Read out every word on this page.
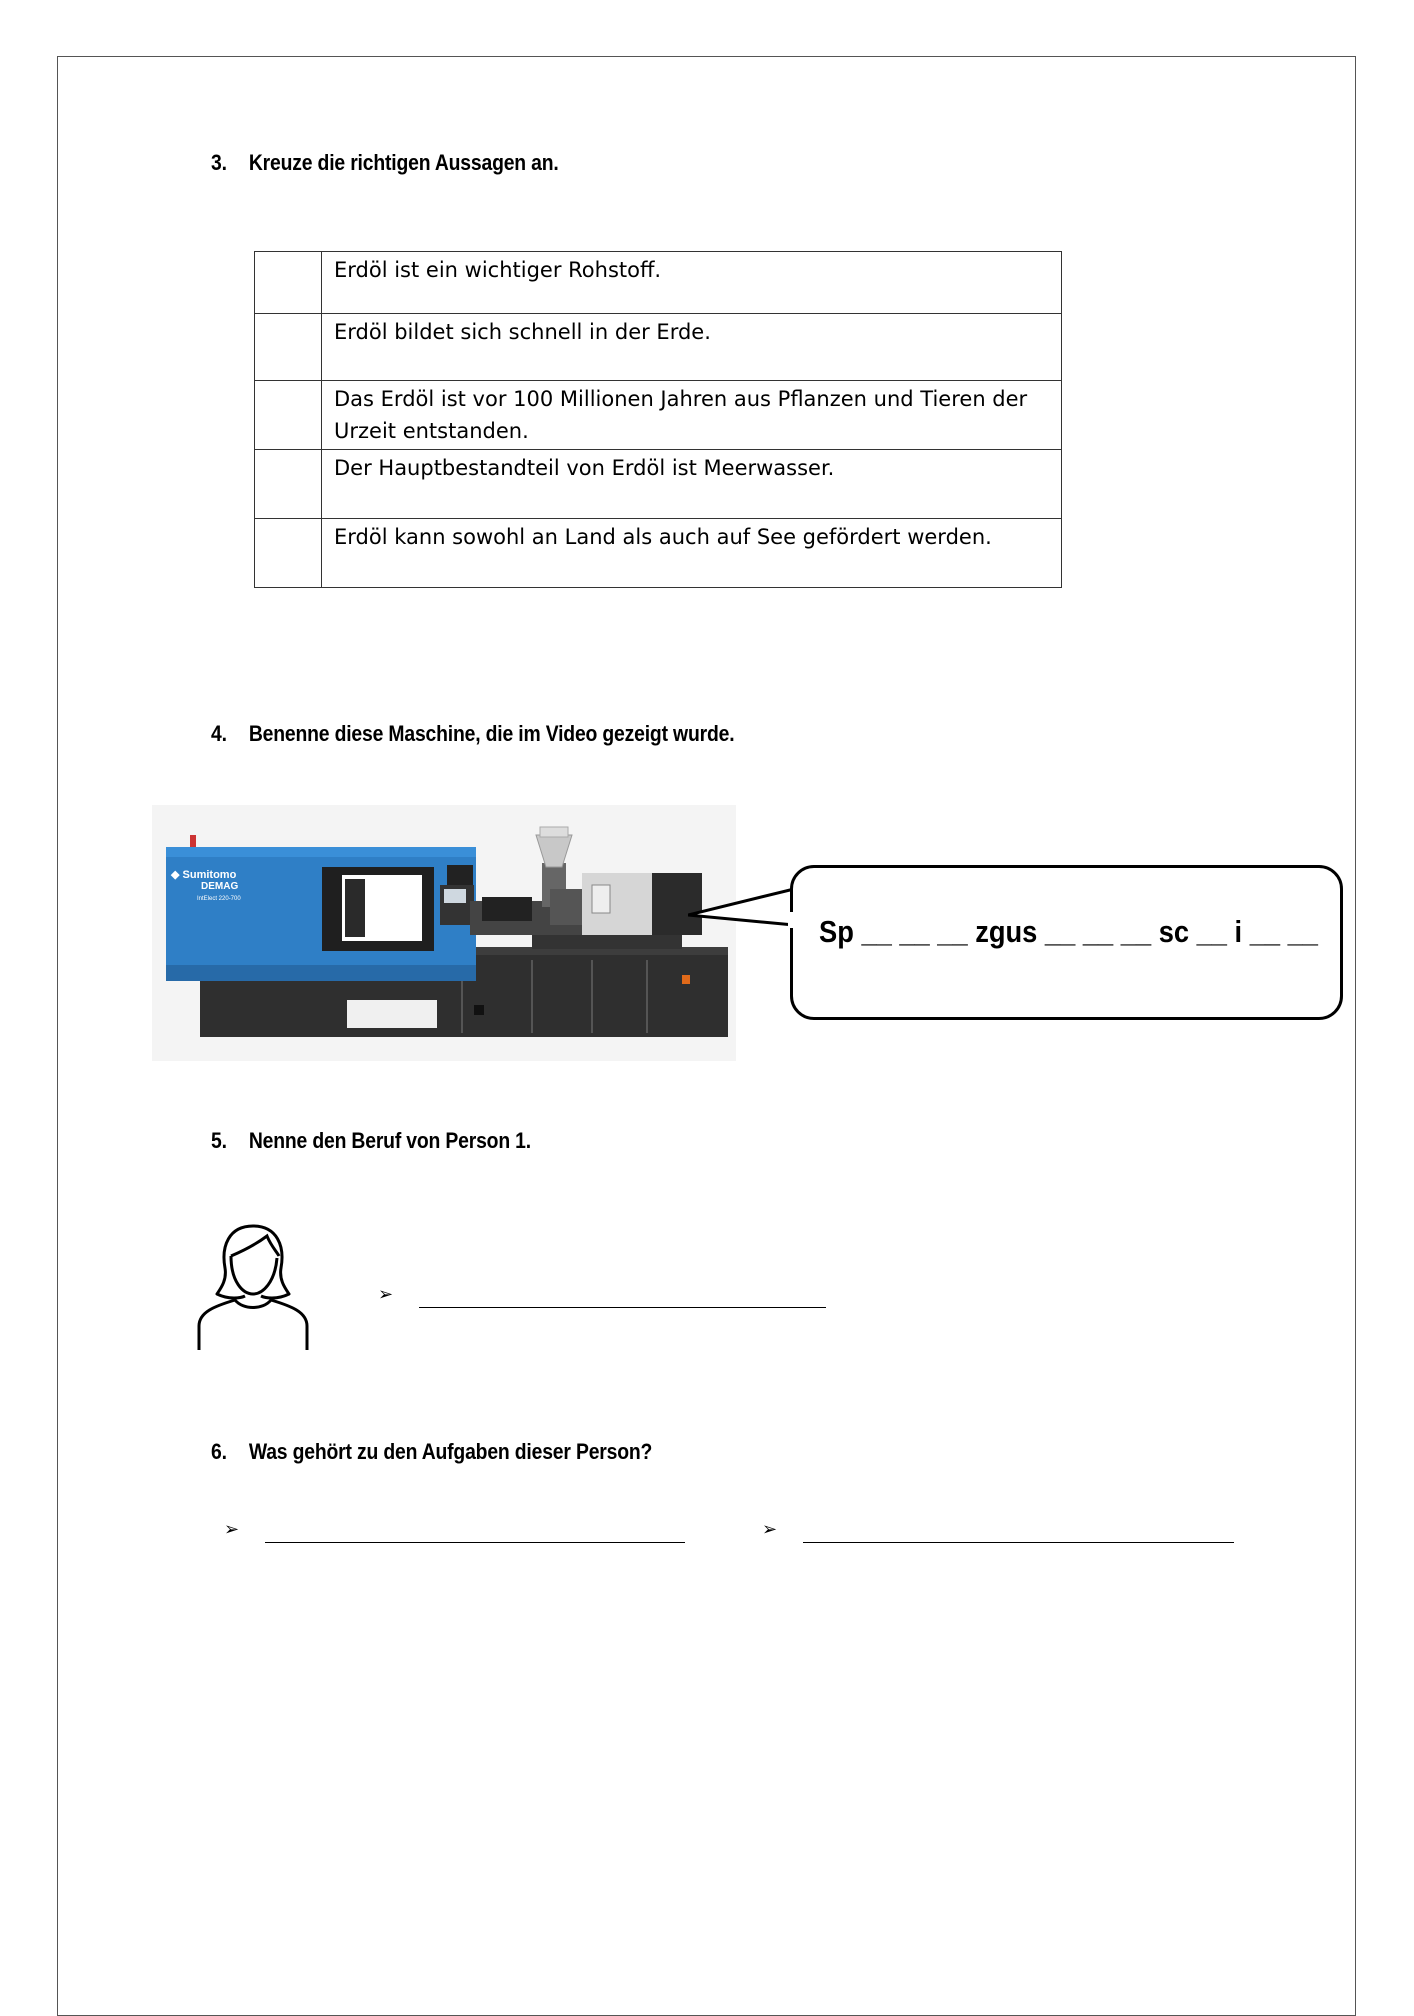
3. Kreuze die richtigen Aussagen an.
	Erdöl ist ein wichtiger Rohstoff.
	Erdöl bildet sich schnell in der Erde.
	Das Erdöl ist vor 100 Millionen Jahren aus Pflanzen und Tieren der Urzeit entstanden.
	Der Hauptbestandteil von Erdöl ist Meerwasser.
	Erdöl kann sowohl an Land als auch auf See gefördert werden.
4. Benenne diese Maschine, die im Video gezeigt wurde.
◆ Sumitomo
DEMAG
IntElect 220-700
Sp __ __ __ zgus __ __ __ sc __ i __ __
5. Nenne den Beruf von Person 1.
➢
6. Was gehört zu den Aufgaben dieser Person?
➢	➢
